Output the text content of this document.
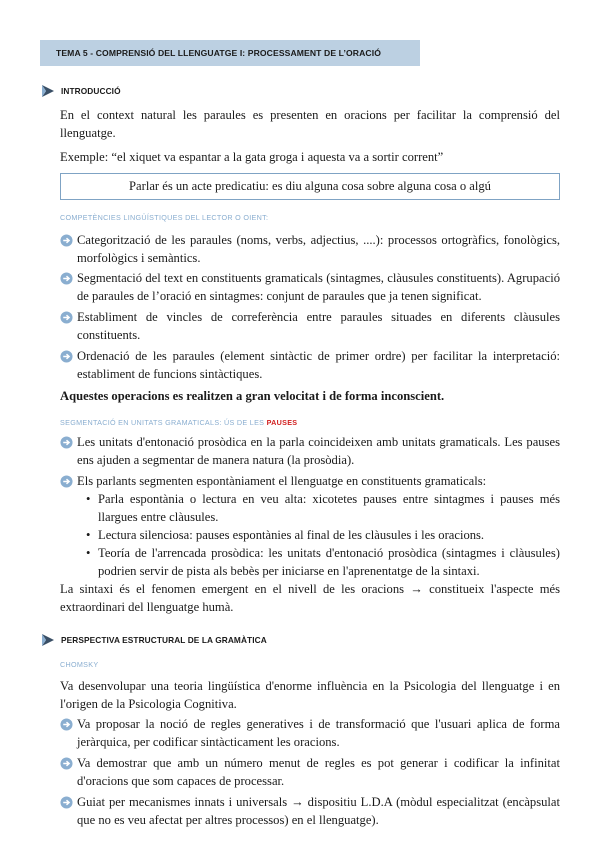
TEMA 5 - COMPRENSIÓ DEL LLENGUATGE I: PROCESSAMENT DE L’ORACIÓ
INTRODUCCIÓ
En el context natural les paraules es presenten en oracions per facilitar la comprensió del llenguatge.
Exemple: “el xiquet va espantar a la gata groga i aquesta va a sortir corrent”
Parlar és un acte predicatiu: es diu alguna cosa sobre alguna cosa o algú
COMPETÈNCIES LINGÜÍSTIQUES DEL LECTOR O OIENT:
Categorització de les paraules (noms, verbs, adjectius, ....): processos ortogràfics, fonològics, morfològics i semàntics.
Segmentació del text en constituents gramaticals (sintagmes, clàusules constituents). Agrupació de paraules de l’oració en sintagmes: conjunt de paraules que ja tenen significat.
Establiment de vincles de correferència entre paraules situades en diferents clàusules constituents.
Ordenació de les paraules (element sintàctic de primer ordre) per facilitar la interpretació: establiment de funcions sintàctiques.
Aquestes operacions es realitzen a gran velocitat i de forma inconscient.
SEGMENTACIÓ EN UNITATS GRAMATICALS: ÚS DE LES PAUSES
Les unitats d'entonació prosòdica en la parla coincideixen amb unitats gramaticals. Les pauses ens ajuden a segmentar de manera natura (la prosòdia).
Els parlants segmenten espontàniament el llenguatge en constituents gramaticals:
• Parla espontània o lectura en veu alta: xicotetes pauses entre sintagmes i pauses més llargues entre clàusules.
• Lectura silenciosa: pauses espontànies al final de les clàusules i les oracions.
• Teoría de l'arrencada prosòdica: les unitats d'entonació prosòdica (sintagmes i clàusules) podrien servir de pista als bebès per iniciarse en l'aprenentatge de la sintaxi.
La sintaxi és el fenomen emergent en el nivell de les oracions → constitueix l'aspecte més extraordinari del llenguatge humà.
PERSPECTIVA ESTRUCTURAL DE LA GRAMÀTICA
CHOMSKY
Va desenvolupar una teoria lingüística d'enorme influència en la Psicologia del llenguatge i en l'origen de la Psicologia Cognitiva.
Va proposar la noció de regles generatives i de transformació que l'usuari aplica de forma jeràrquica, per codificar sintàcticament les oracions.
Va demostrar que amb un número menut de regles es pot generar i codificar la infinitat d'oracions que som capaces de processar.
Guiat per mecanismes innats i universals → dispositiu L.D.A (mòdul especialitzat (encàpsulat que no es veu afectat per altres processos) en el llenguatge).
